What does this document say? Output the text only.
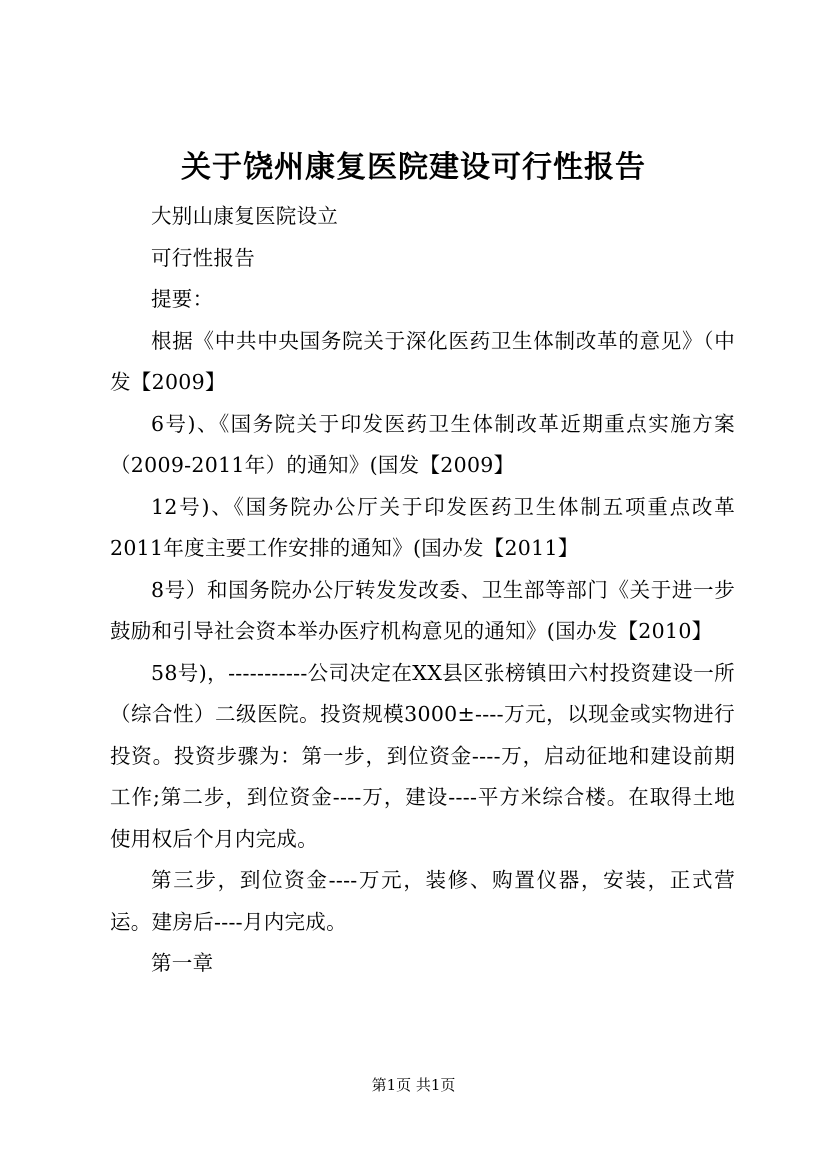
关于饶州康复医院建设可行性报告

大别山康复医院设立

可行性报告

提要：

根据《中共中央国务院关于深化医药卫生体制改革的意见》（中发【2009】

6号)、《国务院关于印发医药卫生体制改革近期重点实施方案（2009-2011年）的通知》(国发【2009】

12号)、《国务院办公厅关于印发医药卫生体制五项重点改革2011年度主要工作安排的通知》(国办发【2011】

8号）和国务院办公厅转发发改委、卫生部等部门《关于进一步鼓励和引导社会资本举办医疗机构意见的通知》(国办发【2010】

58号)，-----------公司决定在XX县区张榜镇田六村投资建设一所（综合性）二级医院。投资规模3000±----万元，以现金或实物进行投资。投资步骤为：第一步，到位资金----万，启动征地和建设前期工作;第二步，到位资金----万，建设----平方米综合楼。在取得土地使用权后个月内完成。

第三步，到位资金----万元，装修、购置仪器，安装，正式营运。建房后----月内完成。

第一章

第1页 共1页
